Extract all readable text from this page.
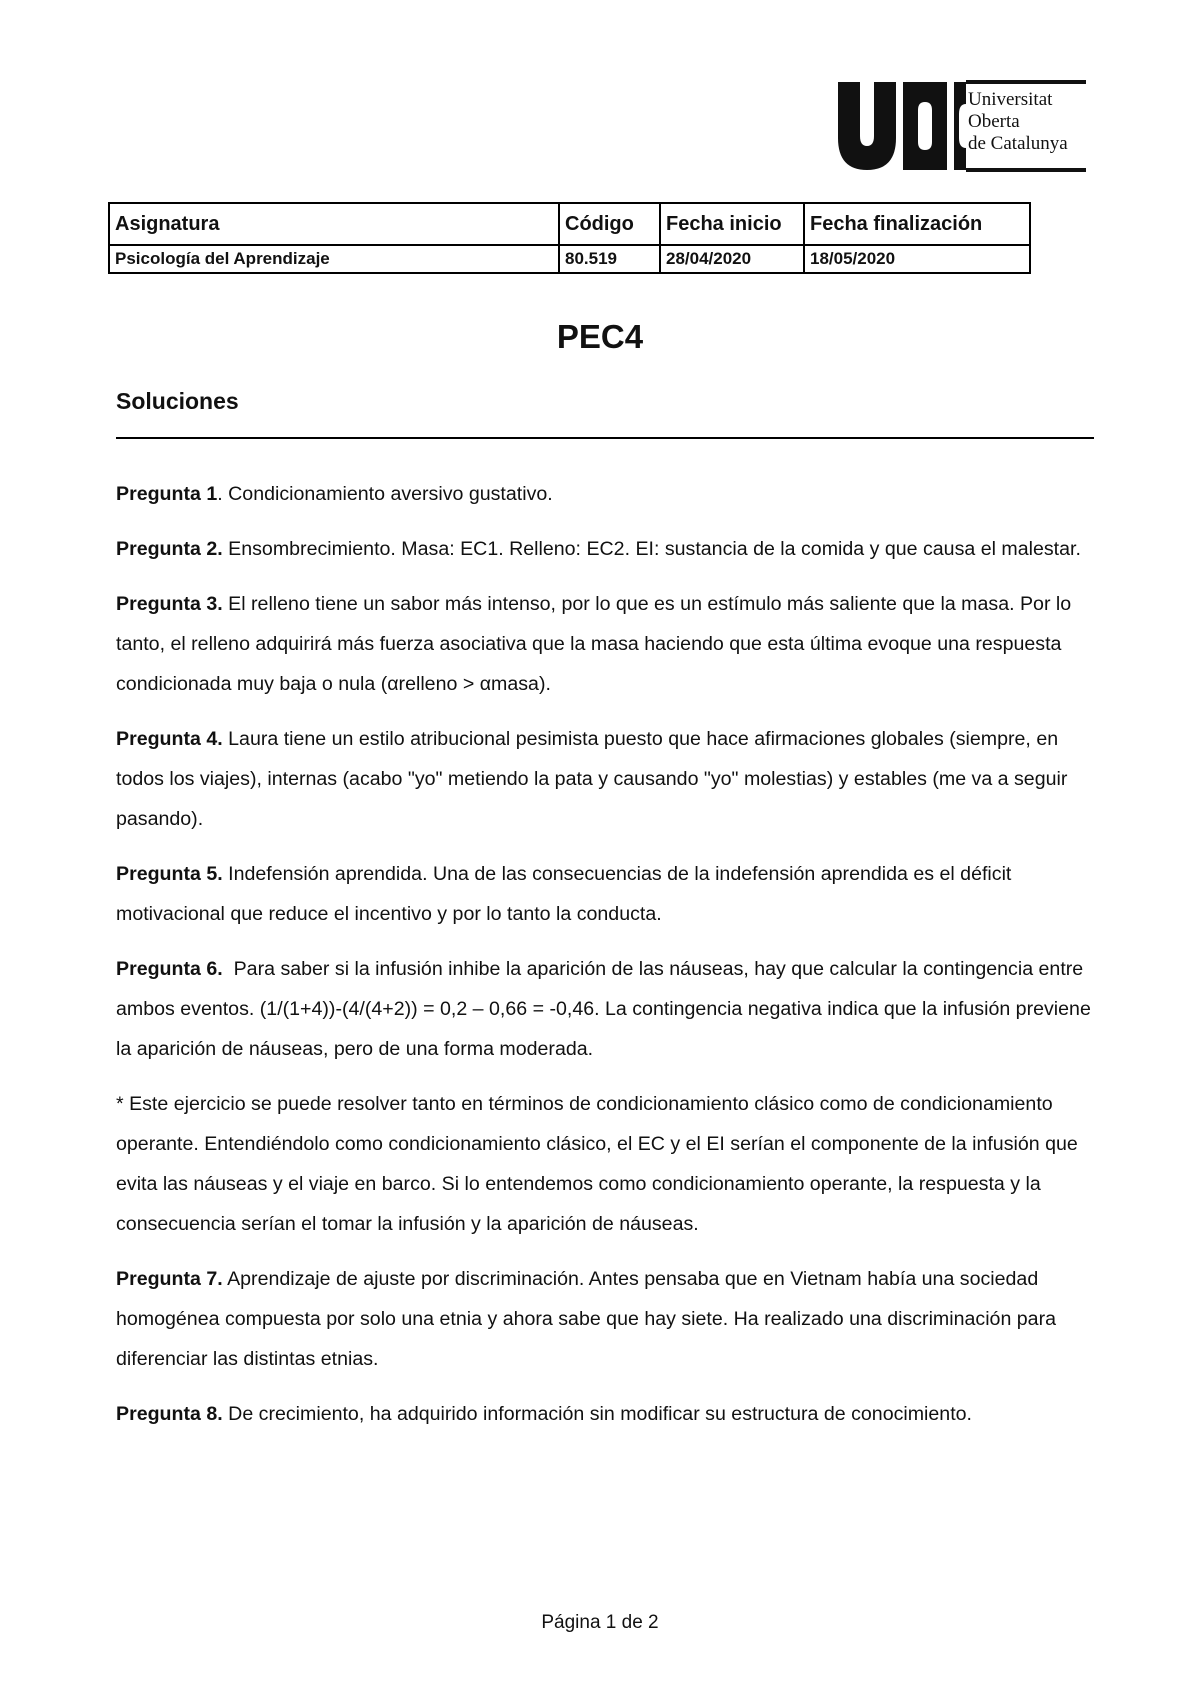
Universitat
Oberta
de Catalunya
Asignatura	Código	Fecha inicio	Fecha finalización
Psicología del Aprendizaje	80.519	28/04/2020	18/05/2020
PEC4
Soluciones

Pregunta 1. Condicionamiento aversivo gustativo.

Pregunta 2. Ensombrecimiento. Masa: EC1. Relleno: EC2. EI: sustancia de la comida y que causa el malestar.

Pregunta 3. El relleno tiene un sabor más intenso, por lo que es un estímulo más saliente que la masa. Por lo tanto, el relleno adquirirá más fuerza asociativa que la masa haciendo que esta última evoque una respuesta condicionada muy baja o nula (αrelleno > αmasa).

Pregunta 4. Laura tiene un estilo atribucional pesimista puesto que hace afirmaciones globales (siempre, en todos los viajes), internas (acabo "yo" metiendo la pata y causando "yo" molestias) y estables (me va a seguir pasando).

Pregunta 5. Indefensión aprendida. Una de las consecuencias de la indefensión aprendida es el déficit motivacional que reduce el incentivo y por lo tanto la conducta.

Pregunta 6.  Para saber si la infusión inhibe la aparición de las náuseas, hay que calcular la contingencia entre ambos eventos. (1/(1+4))-(4/(4+2)) = 0,2 – 0,66 = -0,46. La contingencia negativa indica que la infusión previene la aparición de náuseas, pero de una forma moderada.

* Este ejercicio se puede resolver tanto en términos de condicionamiento clásico como de condicionamiento operante. Entendiéndolo como condicionamiento clásico, el EC y el EI serían el componente de la infusión que evita las náuseas y el viaje en barco. Si lo entendemos como condicionamiento operante, la respuesta y la consecuencia serían el tomar la infusión y la aparición de náuseas.

Pregunta 7. Aprendizaje de ajuste por discriminación. Antes pensaba que en Vietnam había una sociedad homogénea compuesta por solo una etnia y ahora sabe que hay siete. Ha realizado una discriminación para diferenciar las distintas etnias.

Pregunta 8. De crecimiento, ha adquirido información sin modificar su estructura de conocimiento.

Página 1 de 2
